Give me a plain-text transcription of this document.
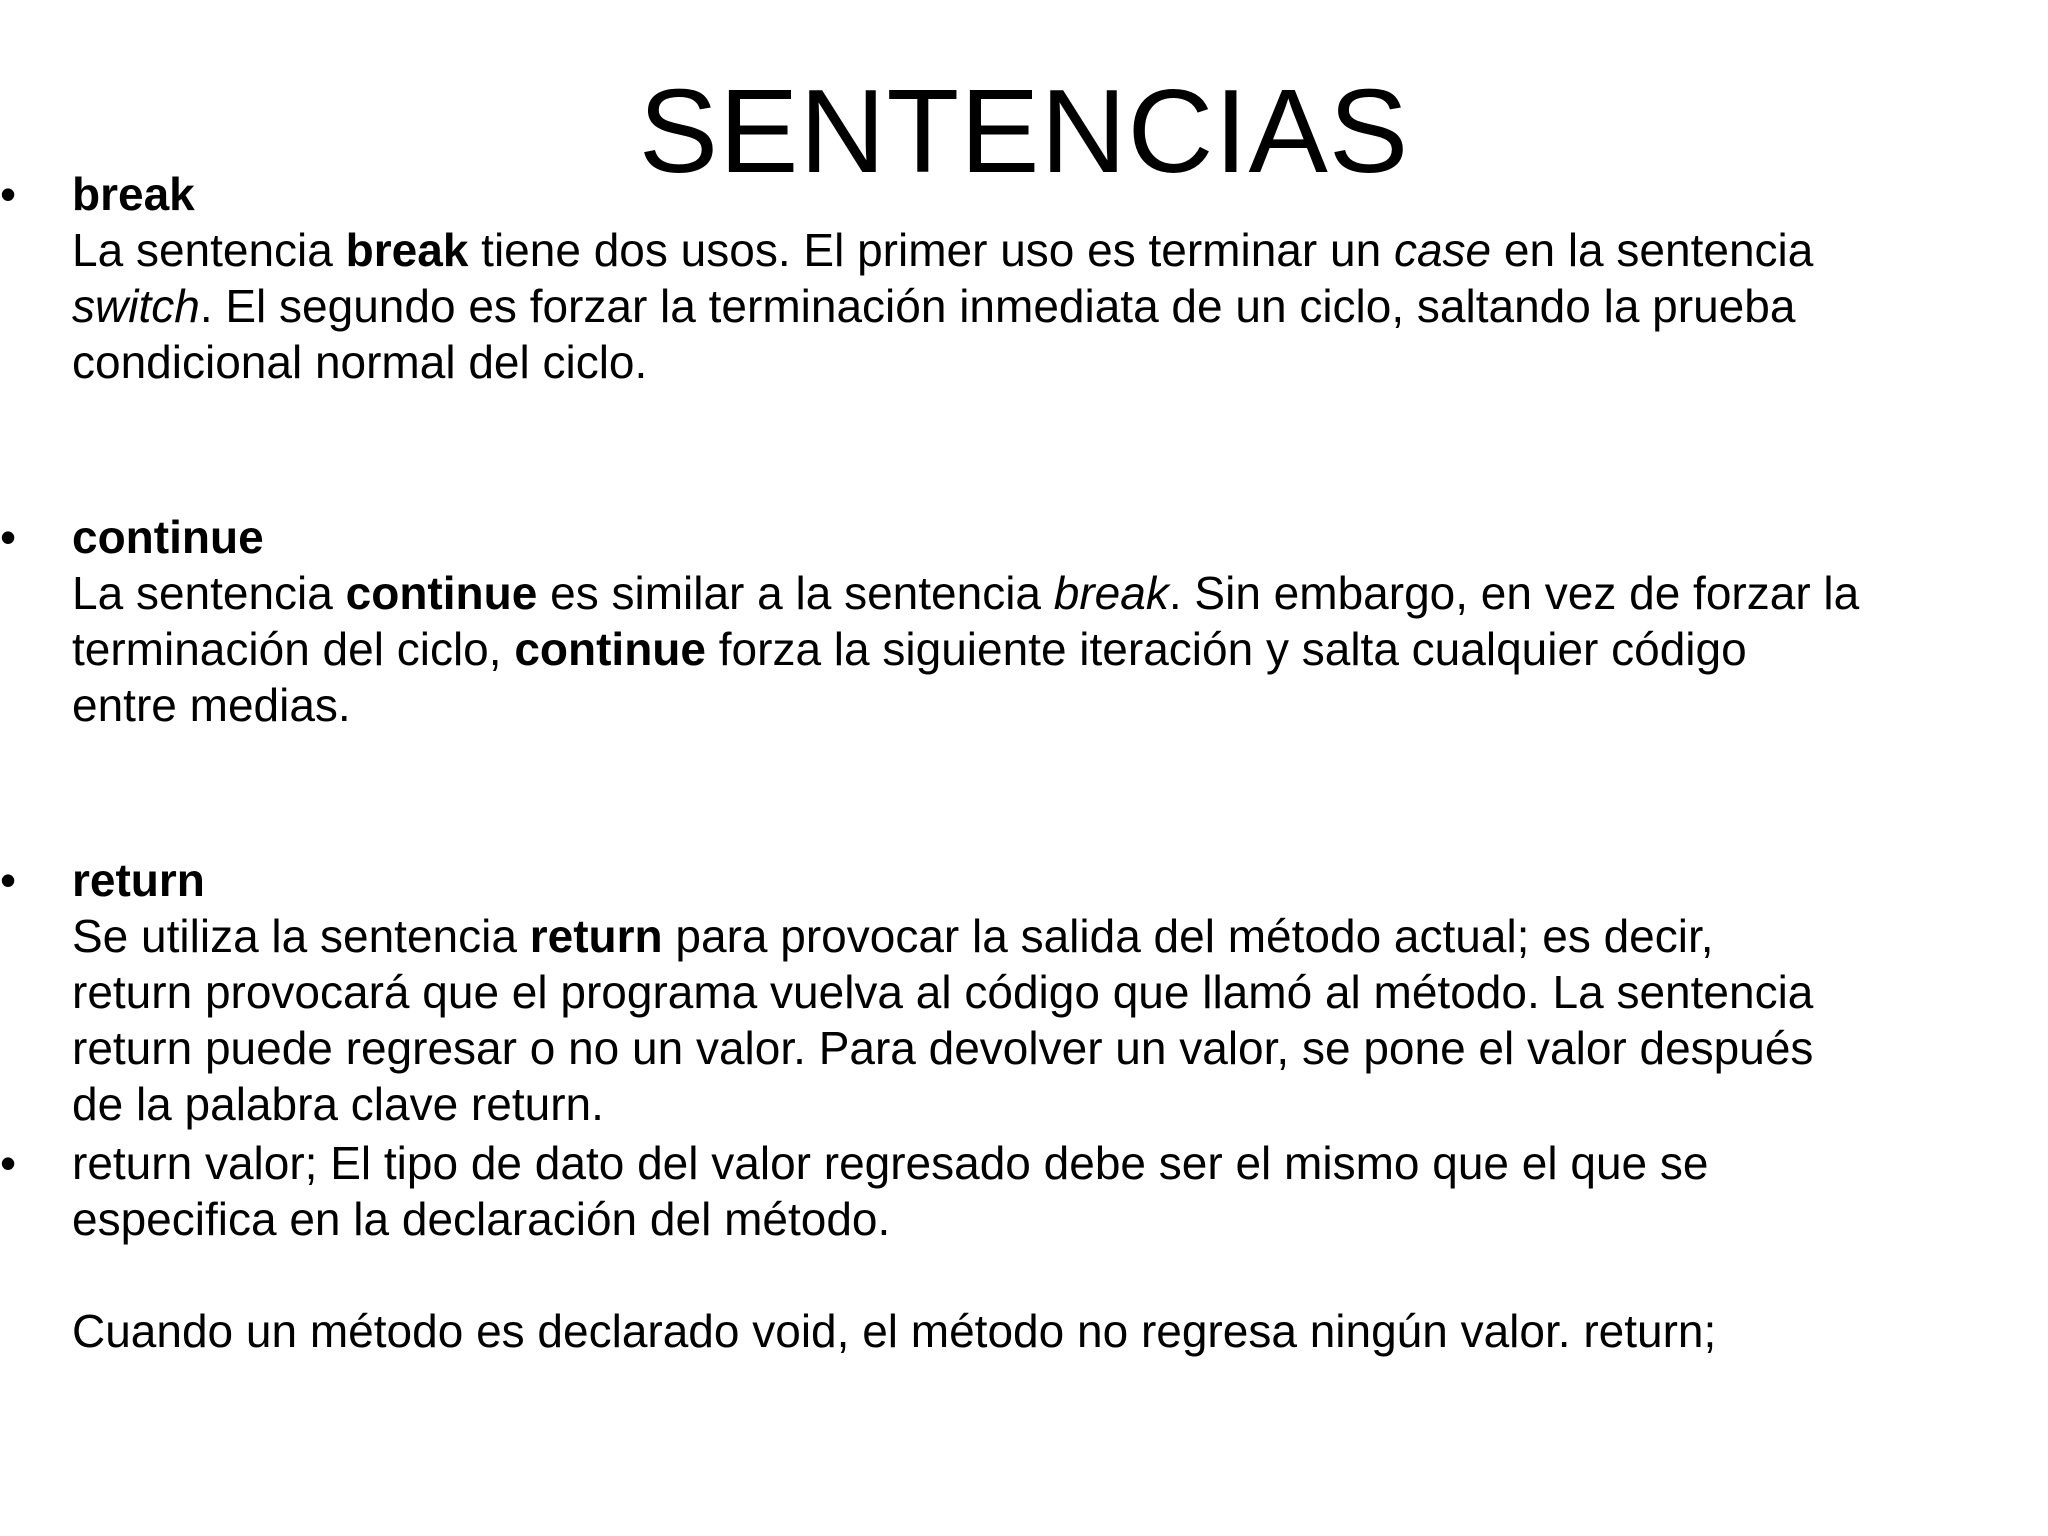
SENTENCIAS
• break
La sentencia break tiene dos usos. El primer uso es terminar un case en la sentencia
switch. El segundo es forzar la terminación inmediata de un ciclo, saltando la prueba
condicional normal del ciclo.
• continue
La sentencia continue es similar a la sentencia break. Sin embargo, en vez de forzar la
terminación del ciclo, continue forza la siguiente iteración y salta cualquier código
entre medias.
• return
Se utiliza la sentencia return para provocar la salida del método actual; es decir,
return provocará que el programa vuelva al código que llamó al método. La sentencia
return puede regresar o no un valor. Para devolver un valor, se pone el valor después
de la palabra clave return.
• return valor; El tipo de dato del valor regresado debe ser el mismo que el que se
especifica en la declaración del método.
Cuando un método es declarado void, el método no regresa ningún valor. return;
